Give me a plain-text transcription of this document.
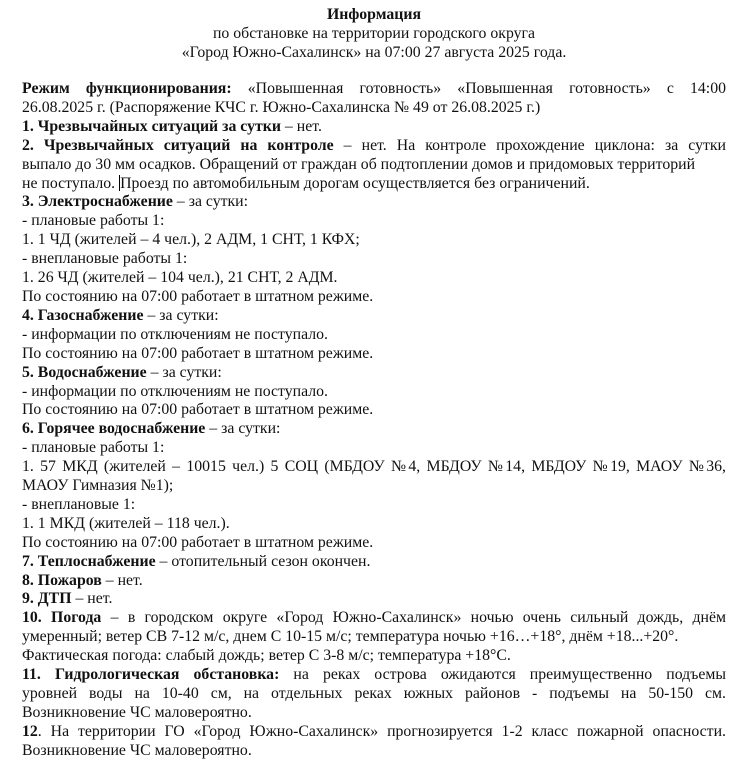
Информация
по обстановке на территории городского округа
«Город Южно-Сахалинск» на 07:00 27 августа 2025 года.
Режим функционирования: «Повышенная готовность» «Повышенная готовность» с 14:00
26.08.2025 г. (Распоряжение КЧС г. Южно-Сахалинска № 49 от 26.08.2025 г.)
1. Чрезвычайных ситуаций за сутки – нет.
2. Чрезвычайных ситуаций на контроле – нет. На контроле прохождение циклона: за сутки
выпало до 30 мм осадков. Обращений от граждан об подтоплении домов и придомовых территорий
не поступало. Проезд по автомобильным дорогам осуществляется без ограничений.
3. Электроснабжение – за сутки:
- плановые работы 1:
1. 1 ЧД (жителей – 4 чел.), 2 АДМ, 1 СНТ, 1 КФХ;
- внеплановые работы 1:
1. 26 ЧД (жителей – 104 чел.), 21 СНТ, 2 АДМ.
По состоянию на 07:00 работает в штатном режиме.
4. Газоснабжение – за сутки:
- информации по отключениям не поступало.
По состоянию на 07:00 работает в штатном режиме.
5. Водоснабжение – за сутки:
- информации по отключениям не поступало.
По состоянию на 07:00 работает в штатном режиме.
6. Горячее водоснабжение – за сутки:
- плановые работы 1:
1. 57 МКД (жителей – 10015 чел.) 5 СОЦ (МБДОУ №4, МБДОУ №14, МБДОУ №19, МАОУ №36,
МАОУ Гимназия №1);
- внеплановые 1:
1. 1 МКД (жителей – 118 чел.).
По состоянию на 07:00 работает в штатном режиме.
7. Теплоснабжение – отопительный сезон окончен.
8. Пожаров – нет.
9. ДТП – нет.
10. Погода – в городском округе «Город Южно-Сахалинск» ночью очень сильный дождь, днём
умеренный; ветер СВ 7-12 м/с, днем С 10-15 м/с; температура ночью +16…+18°, днём +18...+20°.
Фактическая погода: слабый дождь; ветер С 3-8 м/с; температура +18°С.
11. Гидрологическая обстановка: на реках острова ожидаются преимущественно подъемы
уровней воды на 10-40 см, на отдельных реках южных районов - подъемы на 50-150 см.
Возникновение ЧС маловероятно.
12. На территории ГО «Город Южно-Сахалинск» прогнозируется 1-2 класс пожарной опасности.
Возникновение ЧС маловероятно.
